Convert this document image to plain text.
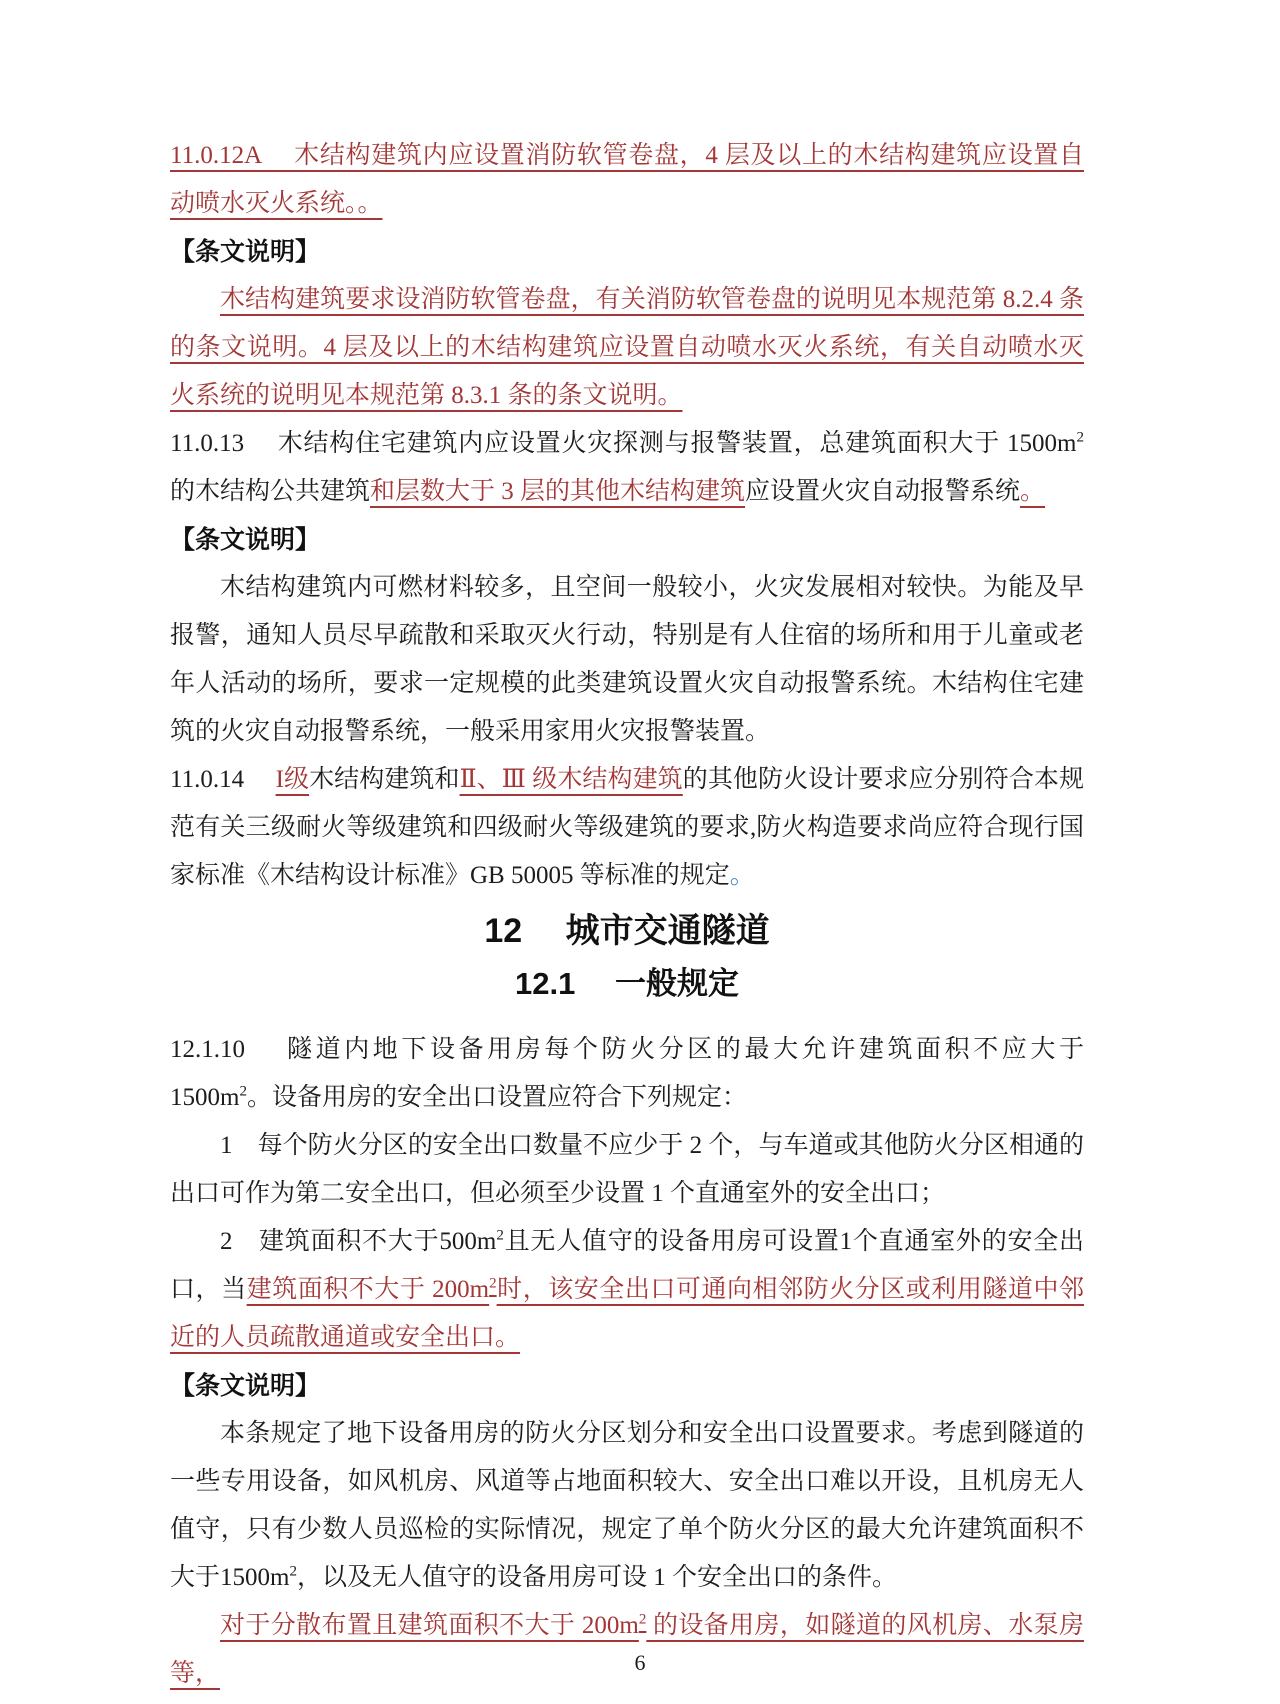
11.0.12A　 木结构建筑内应设置消防软管卷盘，4 层及以上的木结构建筑应设置自动喷水灭火系统。。
【条文说明】
木结构建筑要求设消防软管卷盘，有关消防软管卷盘的说明见本规范第 8.2.4 条的条文说明。4 层及以上的木结构建筑应设置自动喷水灭火系统，有关自动喷水灭火系统的说明见本规范第 8.3.1 条的条文说明。
11.0.13　 木结构住宅建筑内应设置火灾探测与报警装置，总建筑面积大于 $1500m^2$ 的木结构公共建筑和层数大于 3 层的其他木结构建筑应设置火灾自动报警系统。
【条文说明】
木结构建筑内可燃材料较多，且空间一般较小，火灾发展相对较快。为能及早报警，通知人员尽早疏散和采取灭火行动，特别是有人住宿的场所和用于儿童或老年人活动的场所，要求一定规模的此类建筑设置火灾自动报警系统。木结构住宅建筑的火灾自动报警系统，一般采用家用火灾报警装置。
11.0.14　 I级木结构建筑和Ⅱ、Ⅲ 级木结构建筑的其他防火设计要求应分别符合本规范有关三级耐火等级建筑和四级耐火等级建筑的要求,防火构造要求尚应符合现行国家标准《木结构设计标准》GB 50005 等标准的规定。
12　 城市交通隧道
12.1　 一般规定
12.1.10　 隧道内地下设备用房每个防火分区的最大允许建筑面积不应大于 $1500m^2$。设备用房的安全出口设置应符合下列规定：
1　每个防火分区的安全出口数量不应少于 2 个，与车道或其他防火分区相通的出口可作为第二安全出口，但必须至少设置 1 个直通室外的安全出口；
2　建筑面积不大于$500m^2$且无人值守的设备用房可设置1个直通室外的安全出口，当建筑面积不大于 $200m^2$时，该安全出口可通向相邻防火分区或利用隧道中邻近的人员疏散通道或安全出口。
【条文说明】
本条规定了地下设备用房的防火分区划分和安全出口设置要求。考虑到隧道的一些专用设备，如风机房、风道等占地面积较大、安全出口难以开设，且机房无人值守，只有少数人员巡检的实际情况，规定了单个防火分区的最大允许建筑面积不大于$1500m^2$，以及无人值守的设备用房可设 1 个安全出口的条件。
对于分散布置且建筑面积不大于 $200m^2$ 的设备用房，如隧道的风机房、水泵房等，	6
